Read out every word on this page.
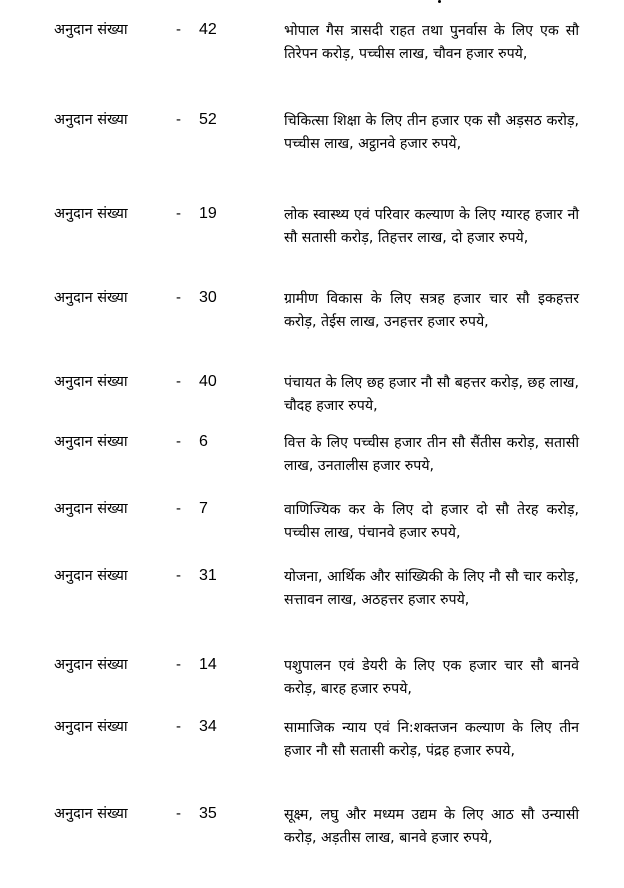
अनुदान संख्या	- 42	भोपाल गैस त्रासदी राहत तथा पुनर्वास के लिए एक सौ तिरेपन करोड़, पच्चीस लाख, चौवन हजार रुपये,
अनुदान संख्या	- 52	चिकित्सा शिक्षा के लिए तीन हजार एक सौ अड़सठ करोड़, पच्चीस लाख, अट्ठानवे हजार रुपये,
अनुदान संख्या	- 19	लोक स्वास्थ्य एवं परिवार कल्याण के लिए ग्यारह हजार नौ सौ सतासी करोड़, तिहत्तर लाख, दो हजार रुपये,
अनुदान संख्या	- 30	ग्रामीण विकास के लिए सत्रह हजार चार सौ इकहत्तर करोड़, तेईस लाख, उनहत्तर हजार रुपये,
अनुदान संख्या	- 40	पंचायत के लिए छह हजार नौ सौ बहत्तर करोड़, छह लाख, चौदह हजार रुपये,
अनुदान संख्या	- 6	वित्त के लिए पच्चीस हजार तीन सौ सैंतीस करोड़, सतासी लाख, उनतालीस हजार रुपये,
अनुदान संख्या	- 7	वाणिज्यिक कर के लिए दो हजार दो सौ तेरह करोड़, पच्चीस लाख, पंचानवे हजार रुपये,
अनुदान संख्या	- 31	योजना, आर्थिक और सांख्यिकी के लिए नौ सौ चार करोड़, सत्तावन लाख, अठहत्तर हजार रुपये,
अनुदान संख्या	- 14	पशुपालन एवं डेयरी के लिए एक हजार चार सौ बानवे करोड़, बारह हजार रुपये,
अनुदान संख्या	- 34	सामाजिक न्याय एवं नि:शक्तजन कल्याण के लिए तीन हजार नौ सौ सतासी करोड़, पंद्रह हजार रुपये,
अनुदान संख्या	- 35	सूक्ष्म, लघु और मध्यम उद्यम के लिए आठ सौ उन्यासी करोड़, अड़तीस लाख, बानवे हजार रुपये,
